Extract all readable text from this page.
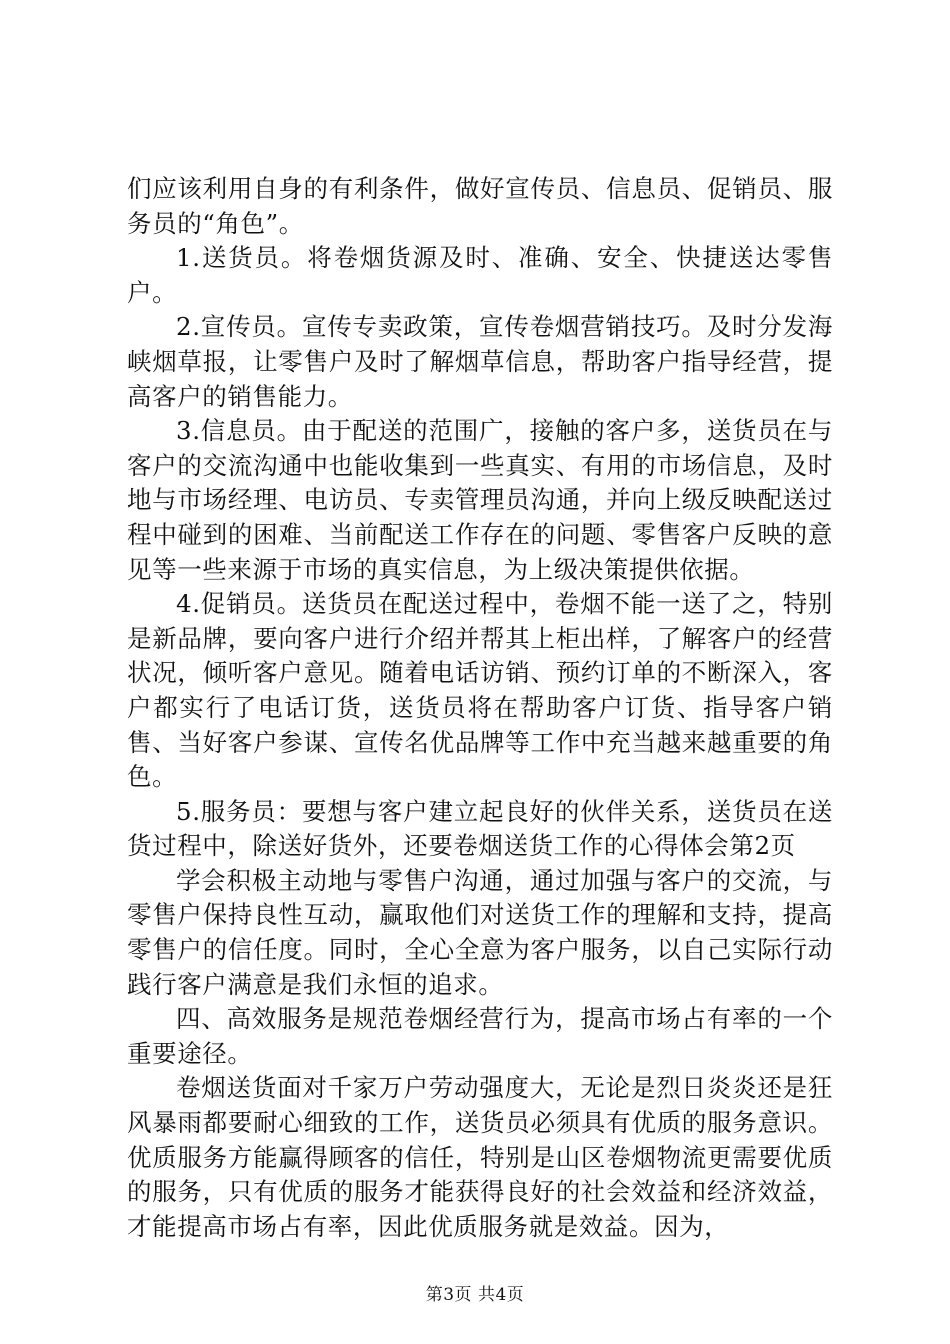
们应该利用自身的有利条件，做好宣传员、信息员、促销员、服务员的“角色”。

1.送货员。将卷烟货源及时、准确、安全、快捷送达零售户。

2.宣传员。宣传专卖政策，宣传卷烟营销技巧。及时分发海峡烟草报，让零售户及时了解烟草信息，帮助客户指导经营，提高客户的销售能力。

3.信息员。由于配送的范围广，接触的客户多，送货员在与客户的交流沟通中也能收集到一些真实、有用的市场信息，及时地与市场经理、电访员、专卖管理员沟通，并向上级反映配送过程中碰到的困难、当前配送工作存在的问题、零售客户反映的意见等一些来源于市场的真实信息，为上级决策提供依据。

4.促销员。送货员在配送过程中，卷烟不能一送了之，特别是新品牌，要向客户进行介绍并帮其上柜出样，了解客户的经营状况，倾听客户意见。随着电话访销、预约订单的不断深入，客户都实行了电话订货，送货员将在帮助客户订货、指导客户销售、当好客户参谋、宣传名优品牌等工作中充当越来越重要的角色。

5.服务员：要想与客户建立起良好的伙伴关系，送货员在送货过程中，除送好货外，还要卷烟送货工作的心得体会第2页

学会积极主动地与零售户沟通，通过加强与客户的交流，与零售户保持良性互动，赢取他们对送货工作的理解和支持，提高零售户的信任度。同时，全心全意为客户服务，以自己实际行动践行客户满意是我们永恒的追求。

四、高效服务是规范卷烟经营行为，提高市场占有率的一个重要途径。

卷烟送货面对千家万户劳动强度大，无论是烈日炎炎还是狂风暴雨都要耐心细致的工作，送货员必须具有优质的服务意识。优质服务方能赢得顾客的信任，特别是山区卷烟物流更需要优质的服务，只有优质的服务才能获得良好的社会效益和经济效益，才能提高市场占有率，因此优质服务就是效益。因为，

第3页 共4页
